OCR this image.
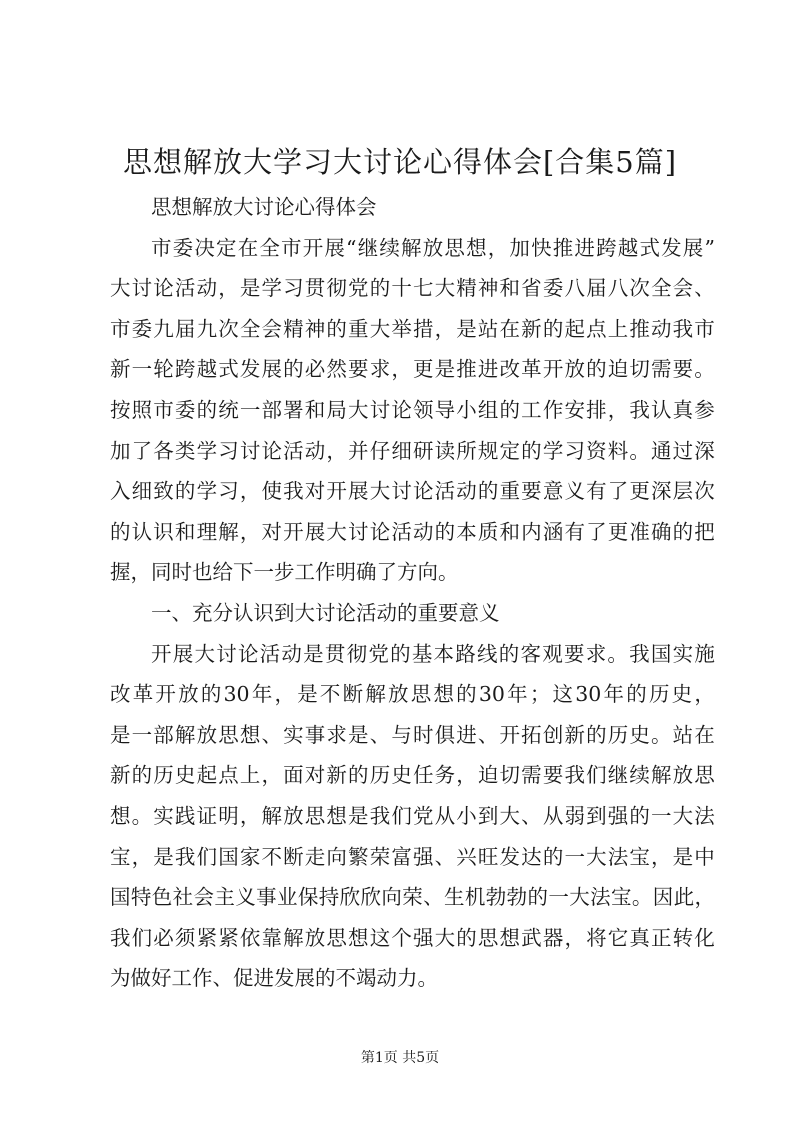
思想解放大学习大讨论心得体会[合集5篇]
思想解放大讨论心得体会
市 委 决 定 在 全 市 开 展 “ 继 续 解 放 思 想 ， 加 快 推 进 跨 越 式 发 展 ”
大 讨 论 活 动 ， 是 学 习 贯 彻 党 的 十 七 大 精 神 和 省 委 八 届 八 次 全 会 、
市 委 九 届 九 次 全 会 精 神 的 重 大 举 措 ， 是 站 在 新 的 起 点 上 推 动 我 市
新 一 轮 跨 越 式 发 展 的 必 然 要 求 ， 更 是 推 进 改 革 开 放 的 迫 切 需 要 。
按 照 市 委 的 统 一 部 署 和 局 大 讨 论 领 导 小 组 的 工 作 安 排 ， 我 认 真 参
加 了 各 类 学 习 讨 论 活 动 ， 并 仔 细 研 读 所 规 定 的 学 习 资 料 。 通 过 深
入 细 致 的 学 习 ， 使 我 对 开 展 大 讨 论 活 动 的 重 要 意 义 有 了 更 深 层 次
的 认 识 和 理 解 ， 对 开 展 大 讨 论 活 动 的 本 质 和 内 涵 有 了 更 准 确 的 把
握，同时也给下一步工作明确了方向。
一、充分认识到大讨论活动的重要意义
开 展 大 讨 论 活 动 是 贯 彻 党 的 基 本 路 线 的 客 观 要 求 。 我 国 实 施
改 革 开 放 的 30 年 ， 是 不 断 解 放 思 想 的 30 年 ； 这 30 年 的 历 史 ，
是 一 部 解 放 思 想 、 实 事 求 是 、 与 时 俱 进 、 开 拓 创 新 的 历 史 。 站 在
新 的 历 史 起 点 上 ， 面 对 新 的 历 史 任 务 ， 迫 切 需 要 我 们 继 续 解 放 思
想 。 实 践 证 明 ， 解 放 思 想 是 我 们 党 从 小 到 大 、 从 弱 到 强 的 一 大 法
宝 ， 是 我 们 国 家 不 断 走 向 繁 荣 富 强 、 兴 旺 发 达 的 一 大 法 宝 ， 是 中
国 特 色 社 会 主 义 事 业 保 持 欣 欣 向 荣 、 生 机 勃 勃 的 一 大 法 宝 。 因 此 ，
我 们 必 须 紧 紧 依 靠 解 放 思 想 这 个 强 大 的 思 想 武 器 ， 将 它 真 正 转 化
为做好工作、促进发展的不竭动力。
第1页 共5页
